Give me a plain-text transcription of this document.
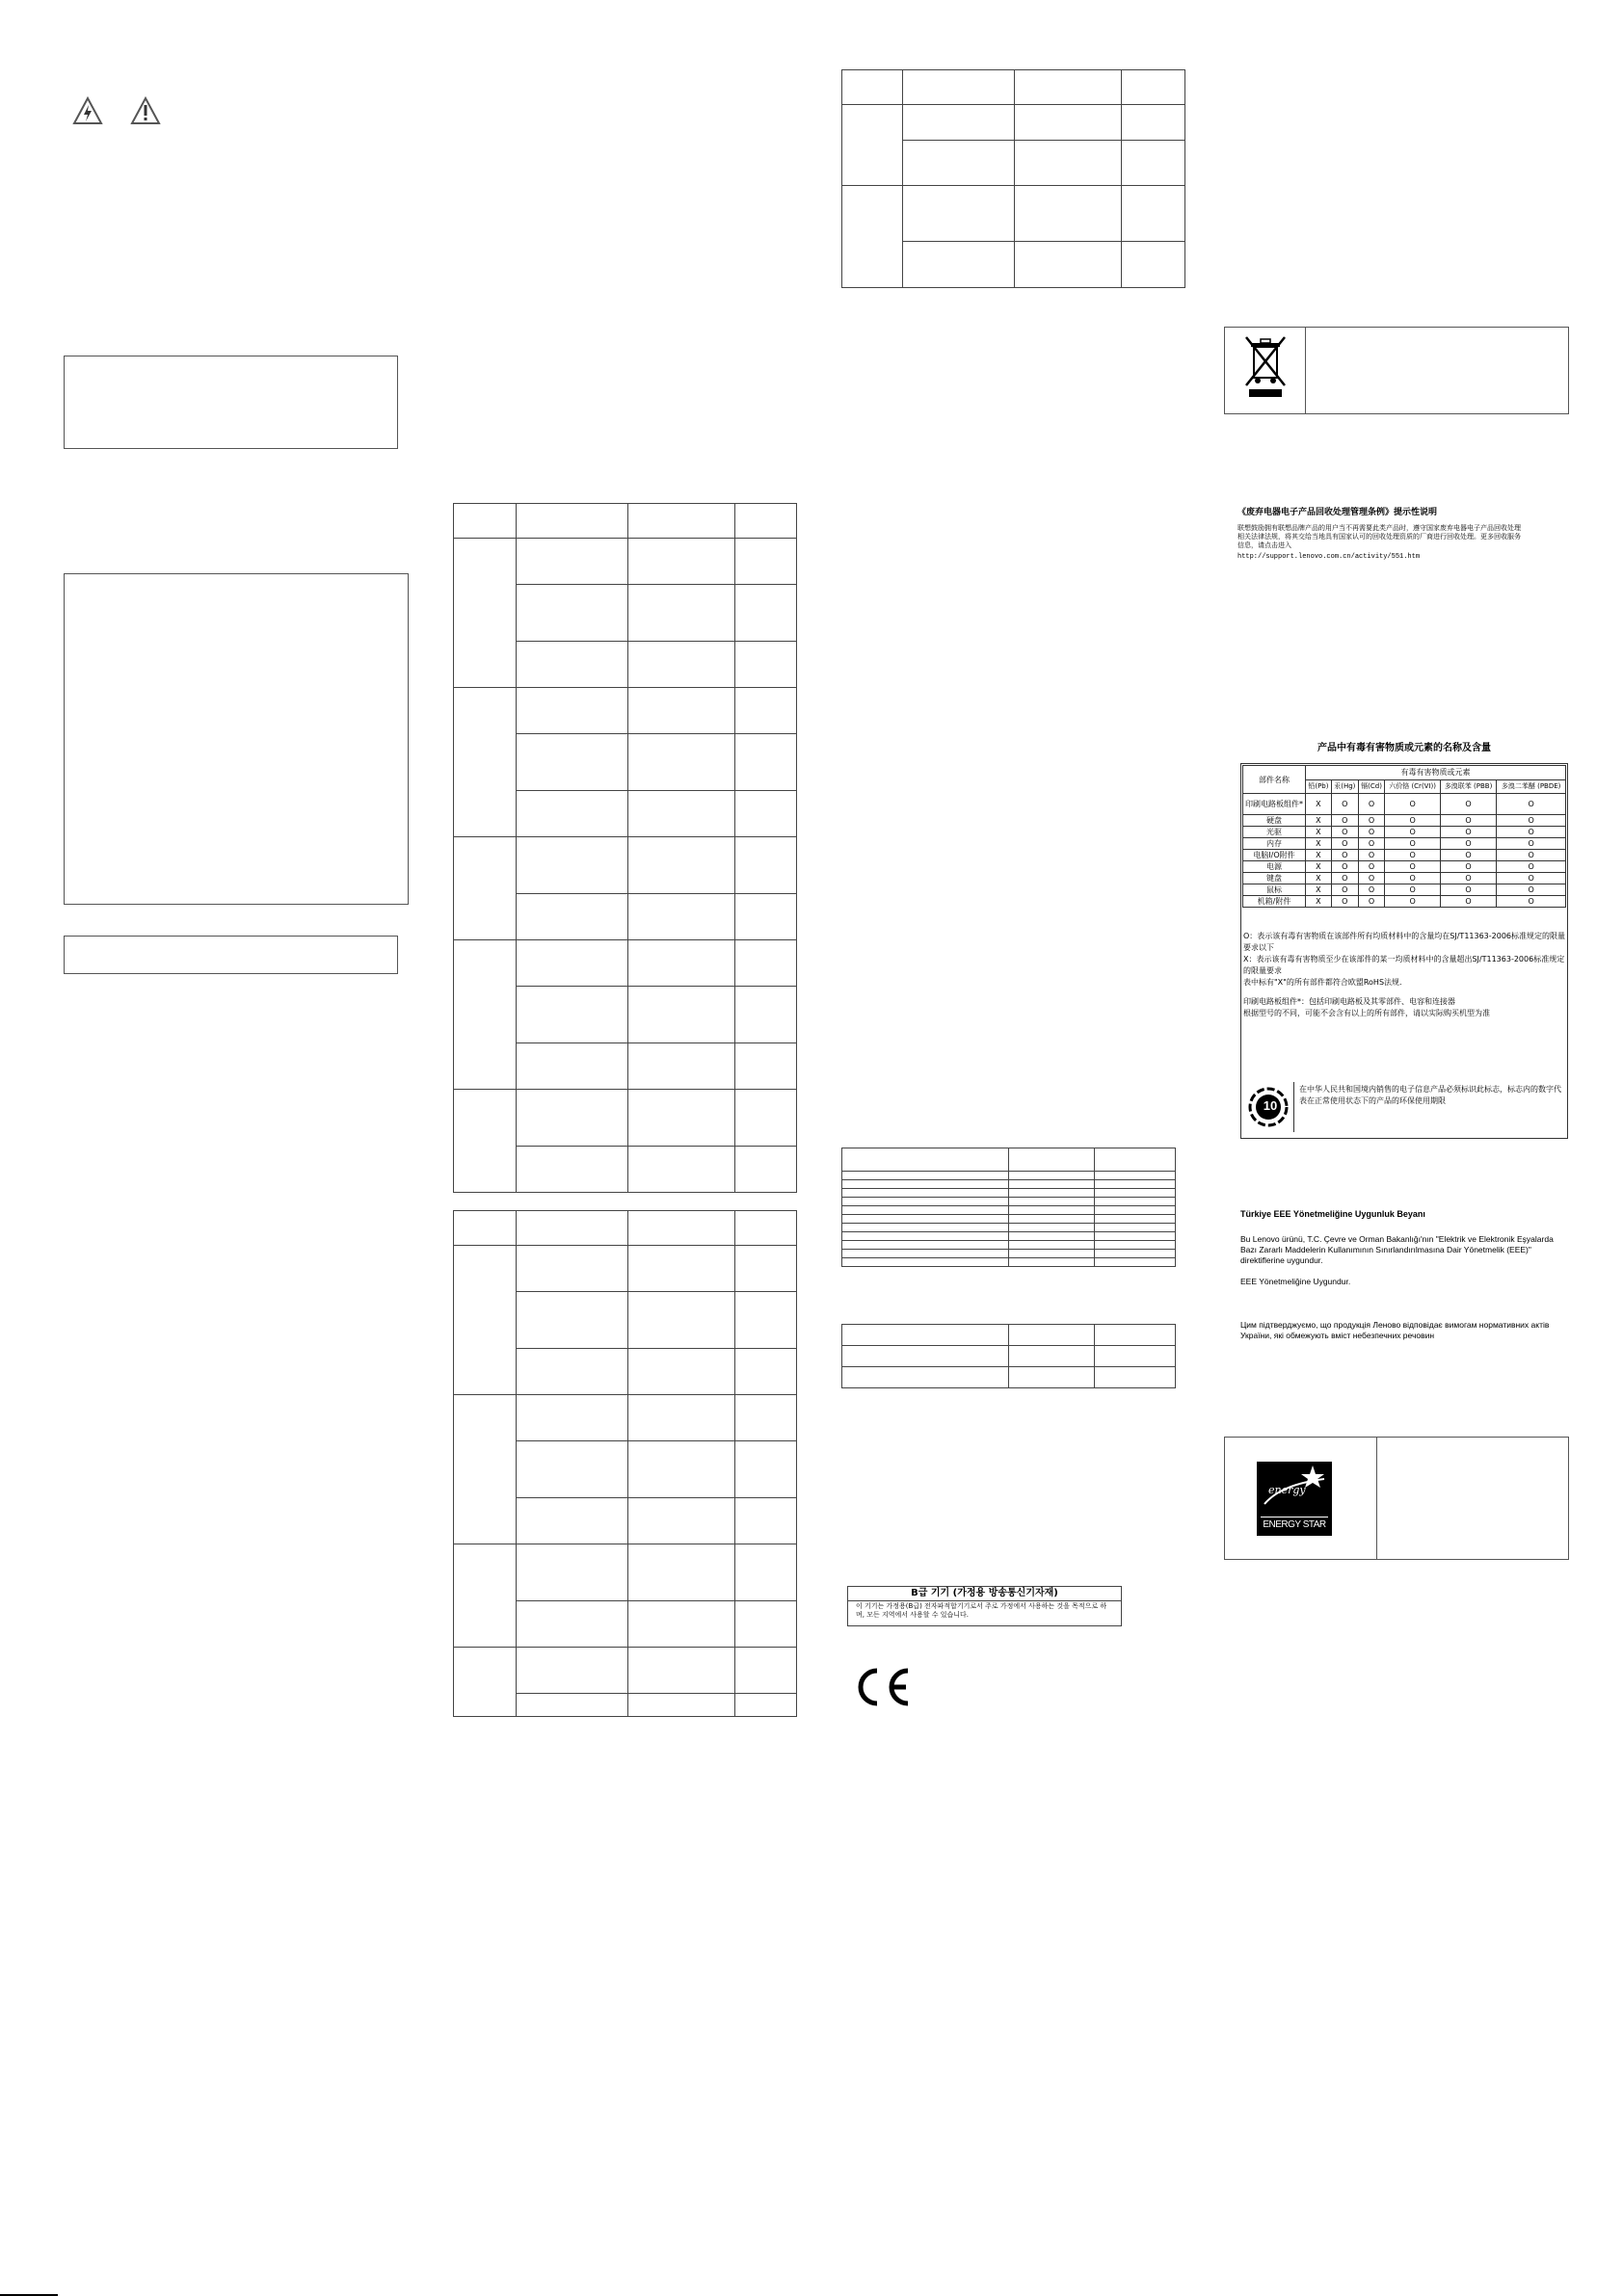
B급 기기 (가정용 방송통신기자재)
이 기기는 가정용(B급) 전자파적합기기로서 주로 가정에서 사용하는 것을 목적으로 하며, 모든 지역에서 사용할 수 있습니다.
《废弃电器电子产品回收处理管理条例》提示性说明
联想鼓励拥有联想品牌产品的用户当不再需要此类产品时，遵守国家废弃电器电子产品回收处理相关法律法规，将其交给当地具有国家认可的回收处理资质的厂商进行回收处理。更多回收服务信息，请点击进入
http://support.lenovo.com.cn/activity/551.htm
产品中有毒有害物质或元素的名称及含量
部件名称	有毒有害物质或元素					
	铅(Pb)	汞(Hg)	镉(Cd)	六价铬 (Cr(VI))	多溴联苯 (PBB)	多溴二苯醚 (PBDE)
印刷电路板组件*	X	O	O	O	O	O
硬盘	X	O	O	O	O	O
光驱	X	O	O	O	O	O
内存	X	O	O	O	O	O
电脑I/O附件	X	O	O	O	O	O
电源	X	O	O	O	O	O
键盘	X	O	O	O	O	O
鼠标	X	O	O	O	O	O
机箱/附件	X	O	O	O	O	O
O：表示该有毒有害物质在该部件所有均质材料中的含量均在SJ/T11363-2006标准规定的限量要求以下
X：表示该有毒有害物质至少在该部件的某一均质材料中的含量超出SJ/T11363-2006标准规定的限量要求
表中标有"X"的所有部件都符合欧盟RoHS法规.
印刷电路板组件*：包括印刷电路板及其零部件、电容和连接器
根据型号的不同，可能不会含有以上的所有部件，请以实际购买机型为准
10
在中华人民共和国境内销售的电子信息产品必须标识此标志，标志内的数字代表在正常使用状态下的产品的环保使用期限
Türkiye EEE Yönetmeliğine Uygunluk Beyanı
Bu Lenovo ürünü, T.C. Çevre ve Orman Bakanlığı'nın "Elektrik ve Elektronik Eşyalarda Bazı Zararlı Maddelerin Kullanımının Sınırlandırılmasına Dair Yönetmelik (EEE)" direktiflerine uygundur.
EEE Yönetmeliğine Uygundur.
Цим підтверджуємо, що продукція Леново відповідає вимогам нормативних актів України, які обмежують вміст небезпечних речовин
energy
ENERGY STAR
